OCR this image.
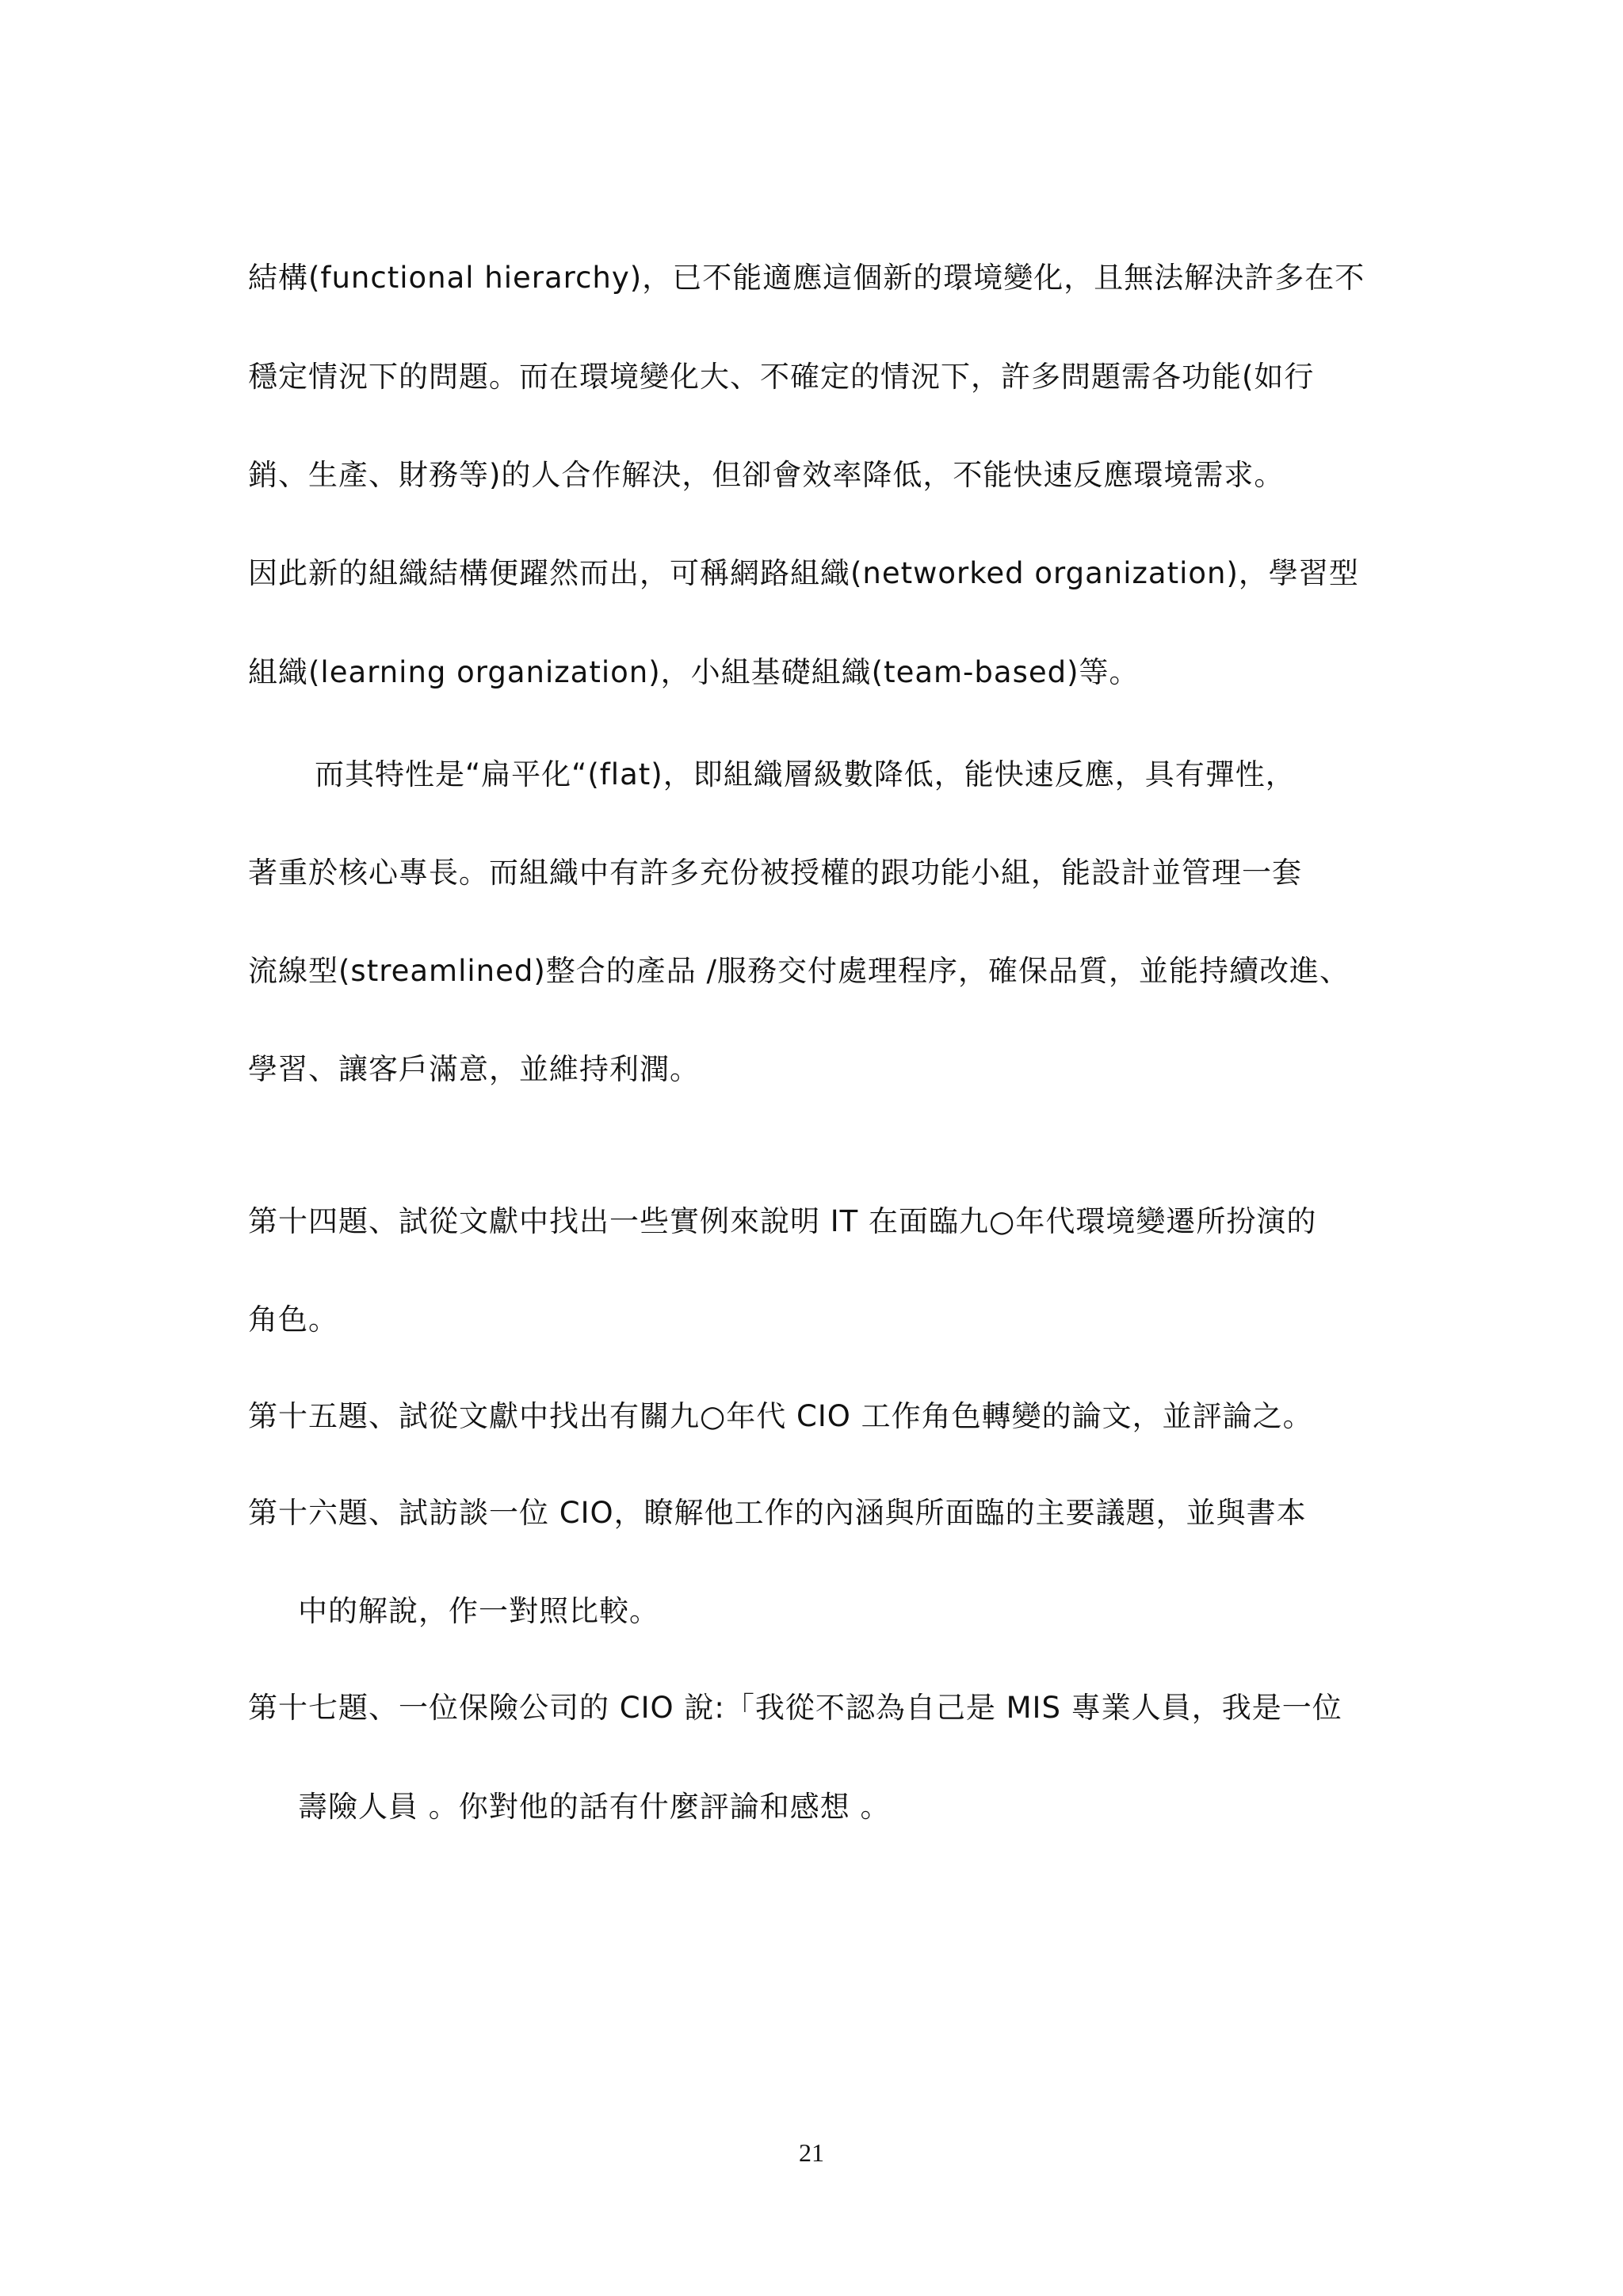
結構(functional hierarchy)，已不能適應這個新的環境變化，且無法解決許多在不
穩定情況下的問題。而在環境變化大、不確定的情況下，許多問題需各功能(如行
銷、生產、財務等)的人合作解決，但卻會效率降低，不能快速反應環境需求。
因此新的組織結構便躍然而出，可稱網路組織(networked organization)，學習型
組織(learning organization)，小組基礎組織(team-based)等。
而其特性是“扁平化“(flat)，即組織層級數降低，能快速反應，具有彈性，
著重於核心專長。而組織中有許多充份被授權的跟功能小組，能設計並管理一套
流線型(streamlined)整合的產品 /服務交付處理程序，確保品質，並能持續改進、
學習、讓客戶滿意，並維持利潤。
第十四題、試從文獻中找出一些實例來說明 IT 在面臨九○年代環境變遷所扮演的
角色。
第十五題、試從文獻中找出有關九○年代 CIO 工作角色轉變的論文，並評論之。
第十六題、試訪談一位 CIO，瞭解他工作的內涵與所面臨的主要議題，並與書本
中的解說，作一對照比較。
第十七題、一位保險公司的 CIO 說:「我從不認為自己是 MIS 專業人員，我是一位
壽險人員 。你對他的話有什麼評論和感想 。
21
